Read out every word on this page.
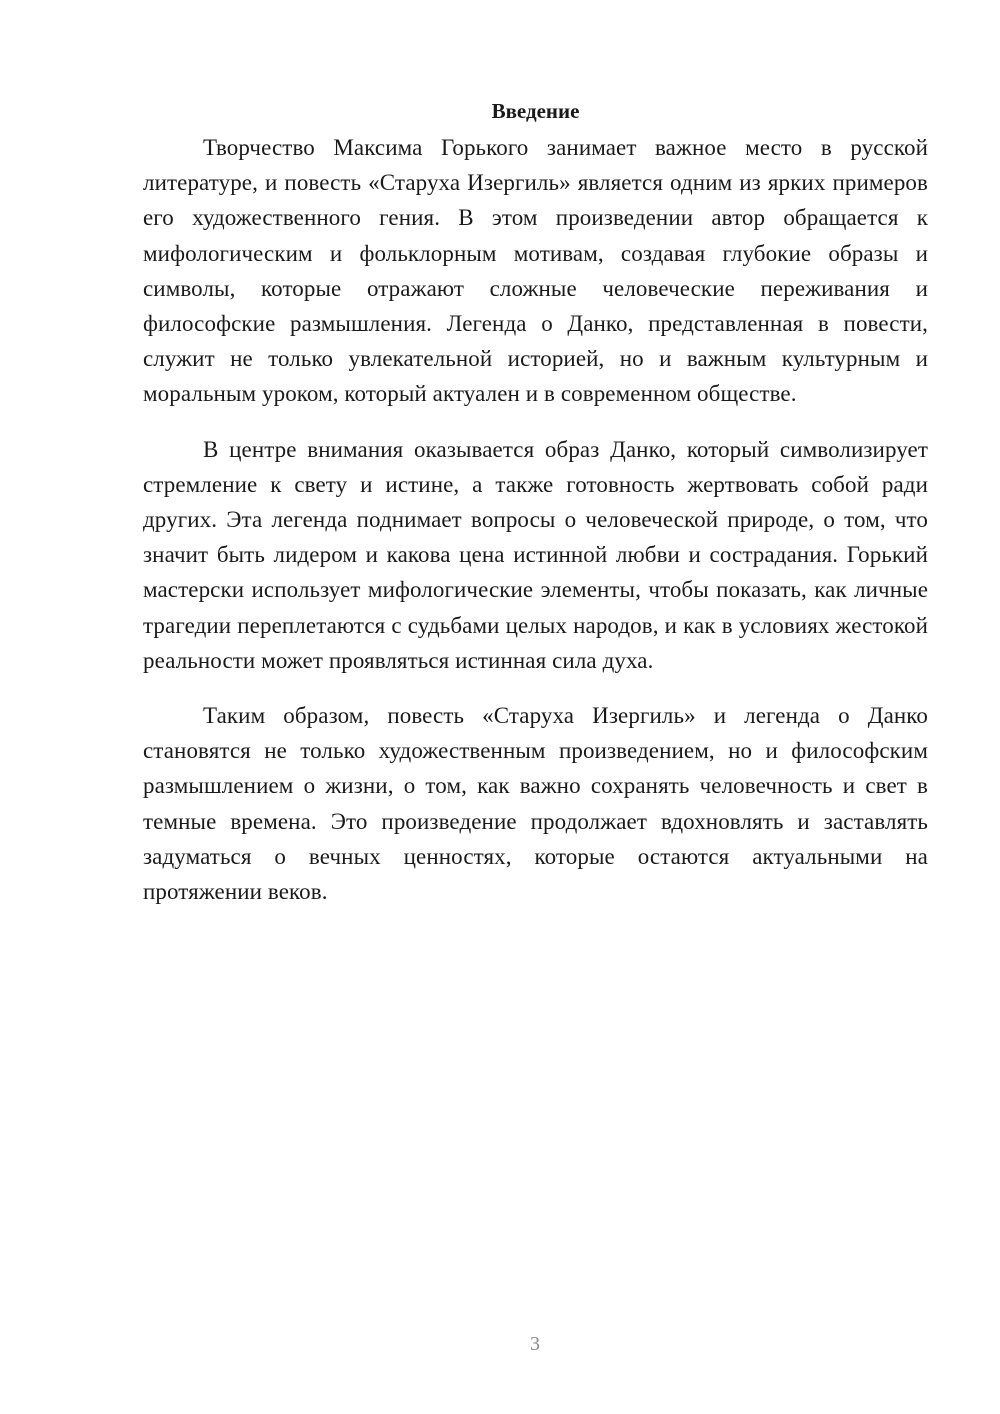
Введение

Творчество Максима Горького занимает важное место в русской литературе, и повесть «Старуха Изергиль» является одним из ярких примеров его художественного гения. В этом произведении автор обращается к мифологическим и фольклорным мотивам, создавая глубокие образы и символы, которые отражают сложные человеческие переживания и философские размышления. Легенда о Данко, представленная в повести, служит не только увлекательной историей, но и важным культурным и моральным уроком, который актуален и в современном обществе.

В центре внимания оказывается образ Данко, который символизирует стремление к свету и истине, а также готовность жертвовать собой ради других. Эта легенда поднимает вопросы о человеческой природе, о том, что значит быть лидером и какова цена истинной любви и сострадания. Горький мастерски использует мифологические элементы, чтобы показать, как личные трагедии переплетаются с судьбами целых народов, и как в условиях жестокой реальности может проявляться истинная сила духа.

Таким образом, повесть «Старуха Изергиль» и легенда о Данко становятся не только художественным произведением, но и философским размышлением о жизни, о том, как важно сохранять человечность и свет в темные времена. Это произведение продолжает вдохновлять и заставлять задуматься о вечных ценностях, которые остаются актуальными на протяжении веков.

3
